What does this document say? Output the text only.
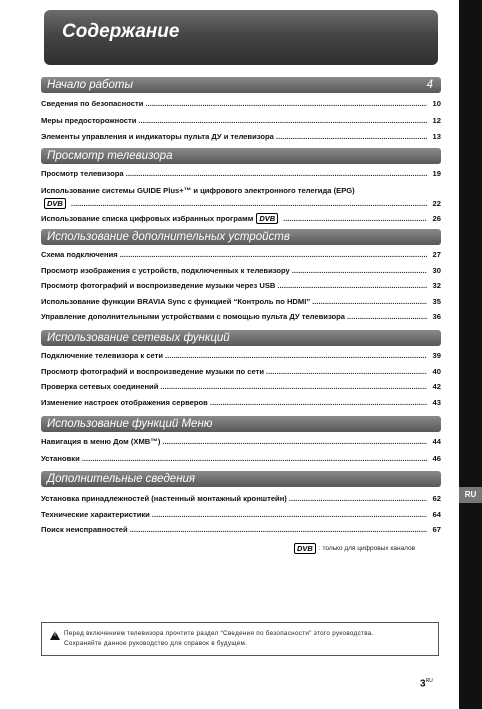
RU
Содержание
Начало работы	4
Сведения по безопасности .....	10
Меры предосторожности .....	12
Элементы управления и индикаторы пульта ДУ и телевизора .....	13
Просмотр телевизора
Просмотр телевизора .....	19
Использование системы GUIDE Plus+™ и цифрового электронного телегида (EPG)
DVB .....	22
Использование списка цифровых избранных программ DVB .....	26
Использование дополнительных устройств
Схема подключения .....	27
Просмотр изображения с устройств, подключенных к телевизору .....	30
Просмотр фотографий и воспроизведение музыки через USB .....	32
Использование функции BRAVIA Sync с функцией “Контроль по HDMI” .....	35
Управление дополнительными устройствами с помощью пульта ДУ телевизора .....	36
Использование сетевых функций
Подключение телевизора к сети .....	39
Просмотр фотографий и воспроизведение музыки по сети .....	40
Проверка сетевых соединений .....	42
Изменение настроек отображения серверов .....	43
Использование функций Меню
Навигация в меню Дом (XMB™) .....	44
Установки .....	46
Дополнительные сведения
Установка принадлежностей (настенный монтажный кронштейн) .....	62
Технические характеристики .....	64
Поиск неисправностей .....	67
DVB : только для цифровых каналов
!
Перед включением телевизора прочтите раздел “Сведения по безопасности” этого руководства.
Сохраняйте данное руководство для справок в будущем.
$3^{RU}$
